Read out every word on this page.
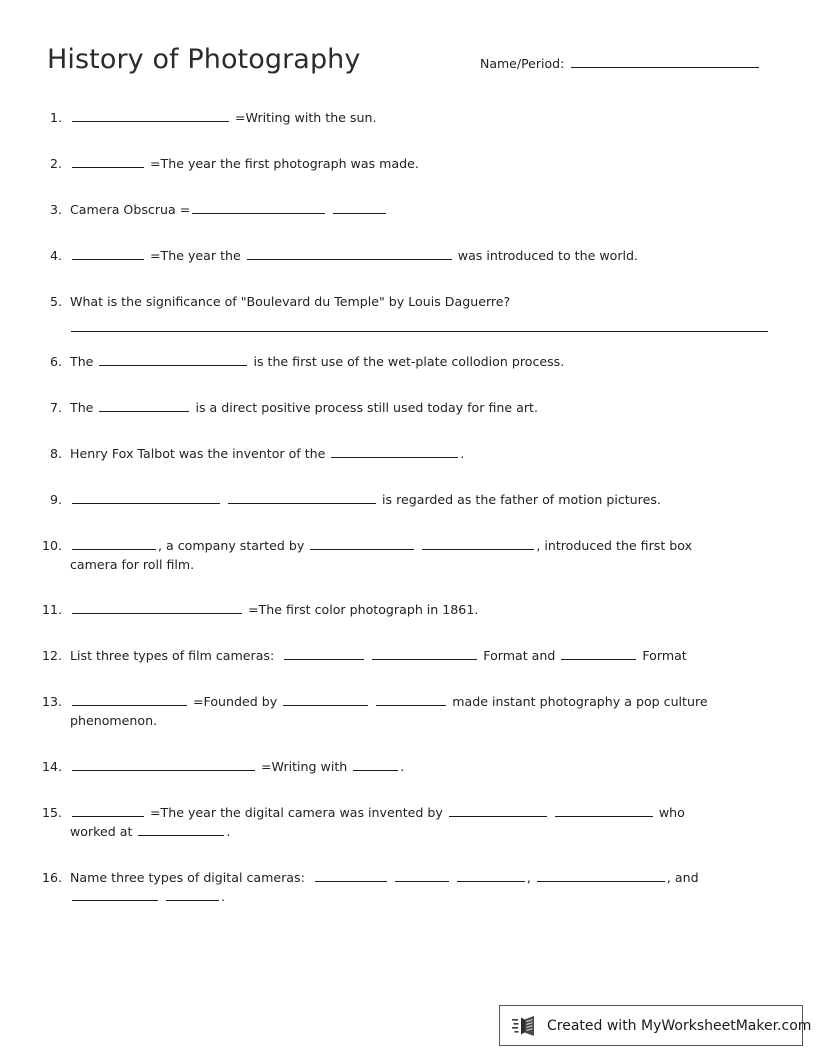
History of Photography	Name/Period:
1.	=Writing with the sun.
2.	=The year the first photograph was made.
3. Camera Obscrua =
4.	=The year the	was introduced to the world.
5. What is the significance of "Boulevard du Temple" by Louis Daguerre?
6. The	is the first use of the wet-plate collodion process.
7. The	is a direct positive process still used today for fine art.
8. Henry Fox Talbot was the inventor of the	.
9.	is regarded as the father of motion pictures.
10.	, a company started by	, introduced the first box
camera for roll film.
11.	=The first color photograph in 1861.
12. List three types of film cameras:	Format and	Format
13.	=Founded by	made instant photography a pop culture
phenomenon.
14.	=Writing with	.
15.	=The year the digital camera was invented by	who
worked at	.
16. Name three types of digital cameras:	,	, and
.
Created with MyWorksheetMaker.com
